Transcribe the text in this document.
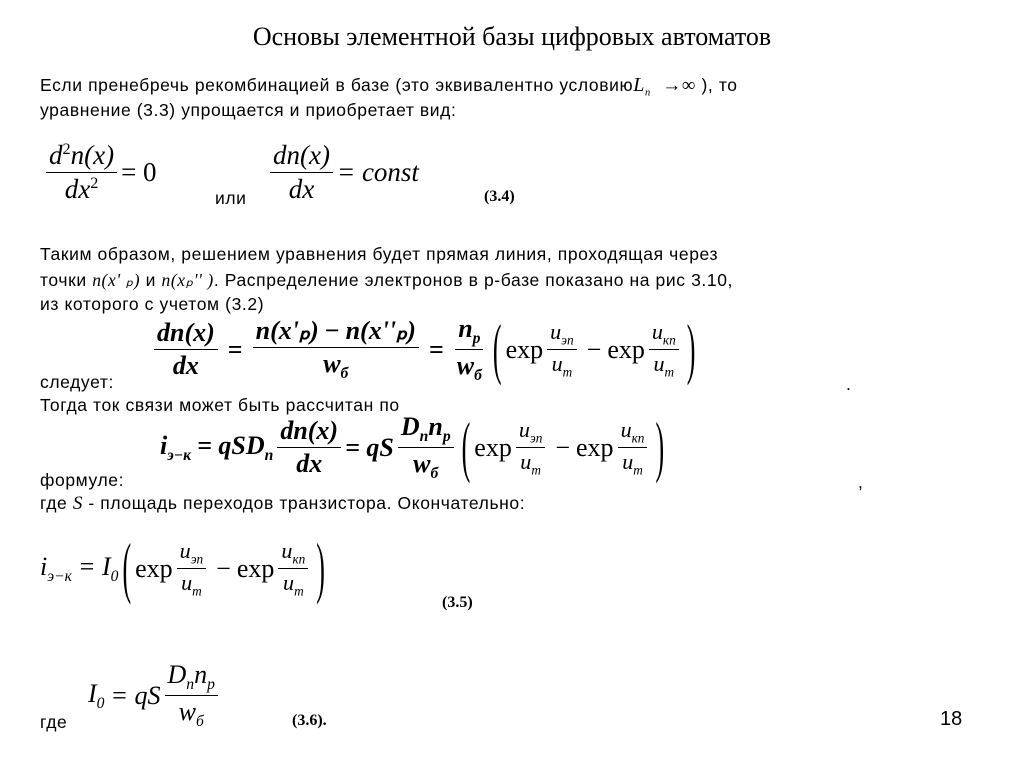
Основы элементной базы цифровых автоматов
Если пренебречь рекомбинацией в базе (это эквивалентно условиюL$_n$ →∞ ), то
уравнение (3.3) упрощается и приобретает вид:
$\frac{d^2n(x)}{dx^2} = 0$
или $\frac{dn(x)}{dx}$ = const
(3.4)
Таким образом, решением уравнения будет прямая линия, проходящая через
точки n(x' ₚ) и n(xₚ'' ). Распределение электронов в р-базе показано на рис 3.10,
из которого с учетом (3.2)
$\frac{dn(x)}{dx} = \frac{\text{n(x'ₚ) − n(x''ₚ)}}{w_б} = \frac{n_p}{w_б}$ ( $\exp \frac{u_{эп}}{u_m} - \exp \frac{u_{кп}}{u_m}$ )	.
следует:
Тогда ток связи может быть рассчитан по
$i_{э-к} = qSD_n \frac{dn(x)}{dx}$ = qS $\frac{D_nn_p}{w_б}$ ( $\exp \frac{u_{эп}}{u_m} - \exp \frac{u_{кп}}{u_m}$ )
формуле:	,
где S - площадь переходов транзистора. Окончательно:
$i_{э-к} = I_0$ ( $\exp \frac{u_{эп}}{u_m} - \exp \frac{u_{кп}}{u_m}$ )	(3.5)
$I_0$ = qS $\frac{D_nn_p}{w_б}$
где	(3.6).	18
